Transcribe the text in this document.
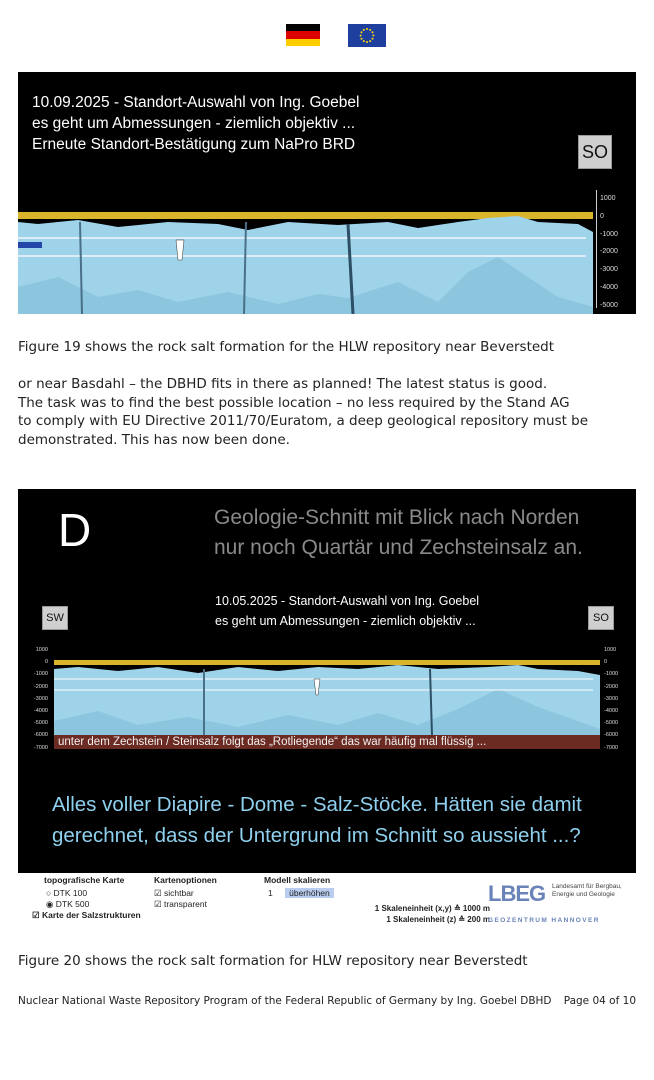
10.09.2025 - Standort-Auswahl von Ing. Goebel
es geht um Abmessungen - ziemlich objektiv ...
Erneute Standort-Bestätigung zum NaPro BRD	SO
1000
0
-1000
-2000
-3000
-4000
-5000

Figure 19 shows the rock salt formation for the HLW repository near Beverstedt

or near Basdahl – the DBHD fits in there as planned! The latest status is good.

The task was to find the best possible location – no less required by the Stand AG

to comply with EU Directive 2011/70/Euratom, a deep geological repository must be

demonstrated. This has now been done.

D	Geologie-Schnitt mit Blick nach Norden
nur noch Quartär und Zechsteinsalz an.
10.05.2025 - Standort-Auswahl von Ing. Goebel
es geht um Abmessungen - ziemlich objektiv ...
SW	SO
1000
0
-1000
-2000
-3000
-4000
-5000
-6000
-7000
1000
0
-1000
-2000
-3000
-4000
-5000
-6000
-7000
unter dem Zechstein / Steinsalz folgt das „Rotliegende“ das war häufig mal flüssig ...
Alles voller Diapire - Dome - Salz-Stöcke. Hätten sie damit
gerechnet, dass der Untergrund im Schnitt so aussieht ...?
topografische Karte
○ DTK 100
◉ DTK 500
☑ Karte der Salzstrukturen
Kartenoptionen
☑ sichtbar
☑ transparent
Modell skalieren
1 überhöhen
1 Skaleneinheit (x,y) ≙ 1000 m
1 Skaleneinheit (z) ≙ 200 m
LBEG Landesamt für Bergbau, Energie und Geologie
GEOZENTRUM HANNOVER

Figure 20 shows the rock salt formation for HLW repository near Beverstedt

Nuclear National Waste Repository Program of the Federal Republic of Germany by Ing. Goebel DBHD Page 04 of 10
